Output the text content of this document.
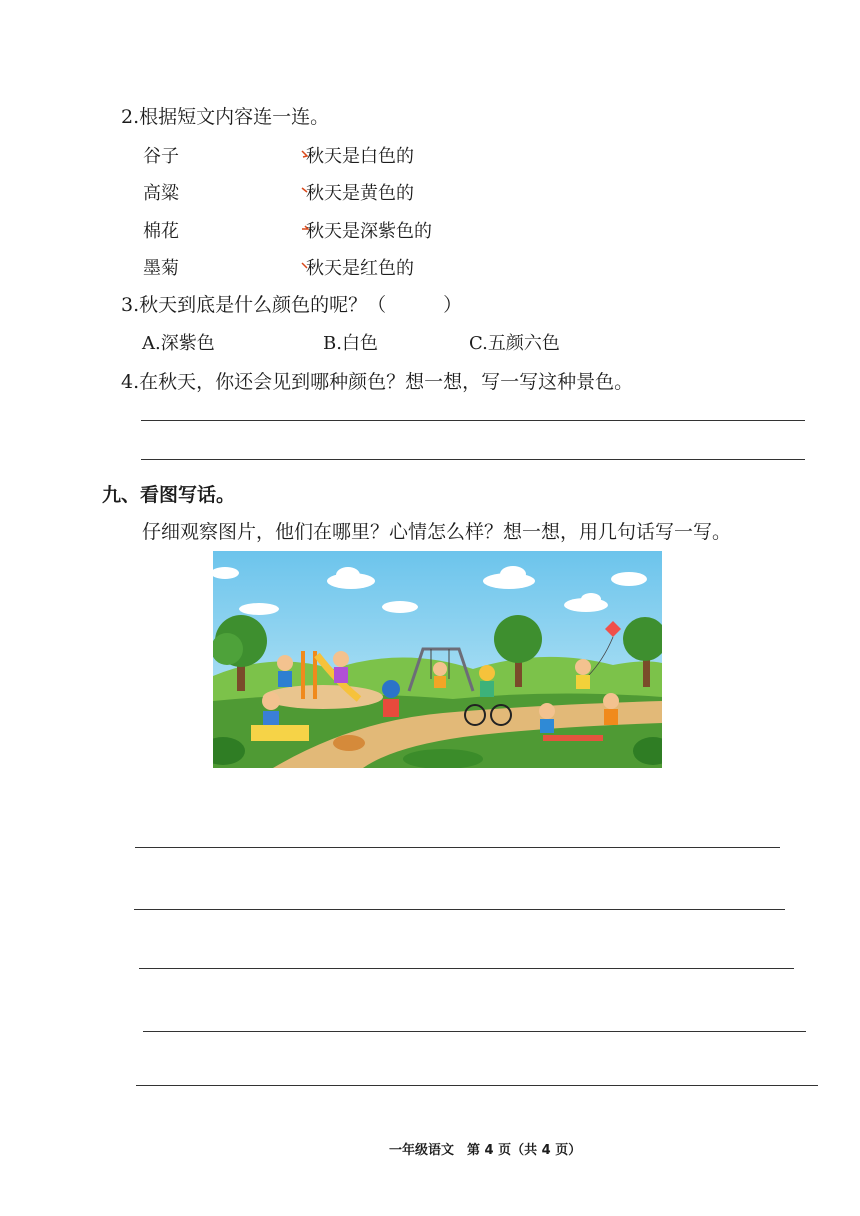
2.根据短文内容连一连。
谷子
高粱
棉花
墨菊
秋天是白色的
秋天是黄色的
秋天是深紫色的
秋天是红色的
3.秋天到底是什么颜色的呢？（　　　）
A.深紫色	B.白色	C.五颜六色
4.在秋天，你还会见到哪种颜色？想一想，写一写这种景色。
九、看图写话。
仔细观察图片，他们在哪里？心情怎么样？想一想，用几句话写一写。
一年级语文　第 4 页（共 4 页）
